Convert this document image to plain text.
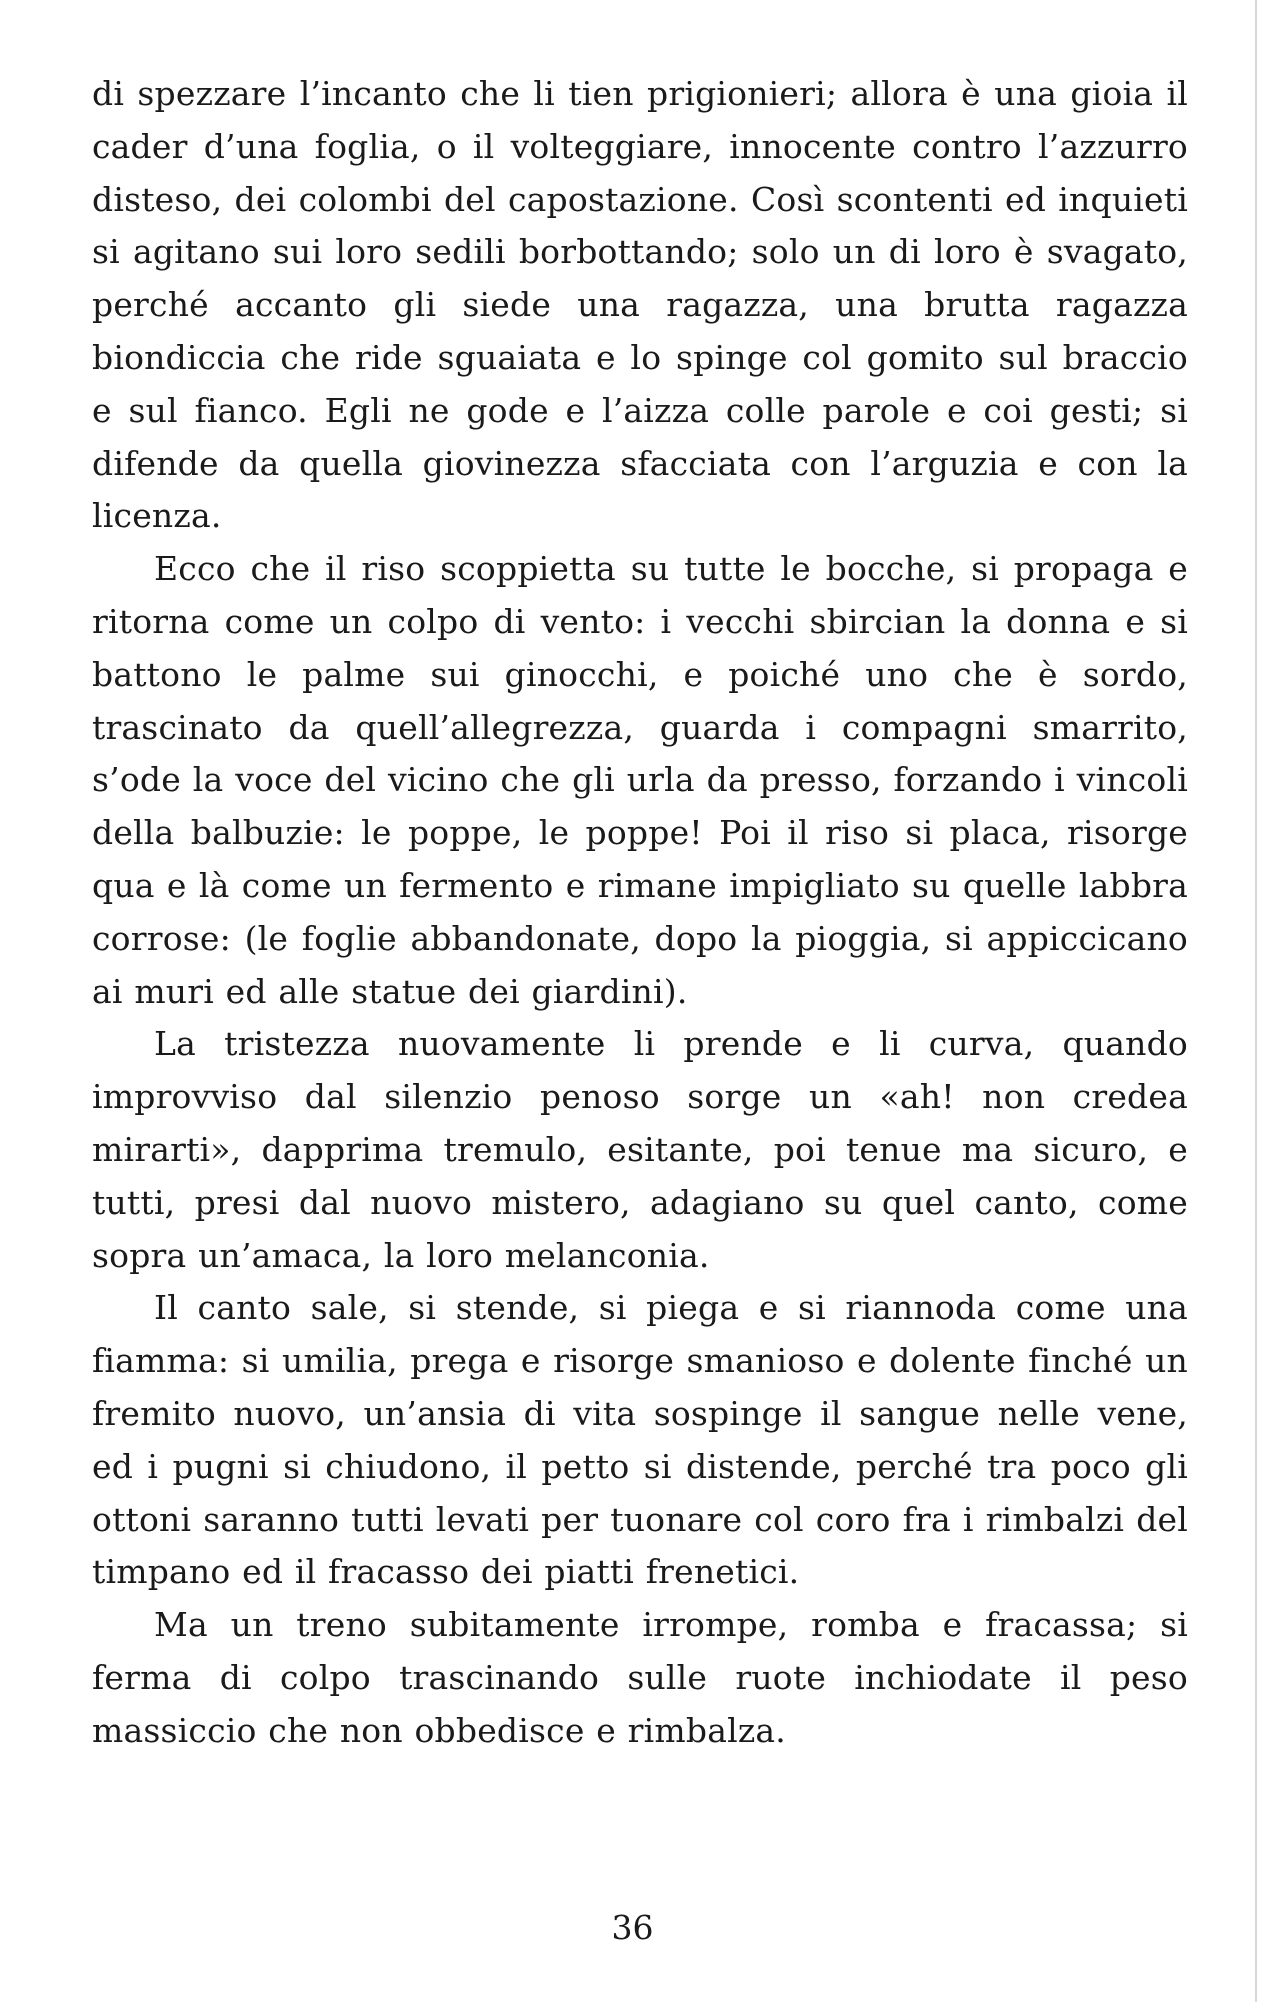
di spezzare l’incanto che li tien prigionieri; allora è una gioia il cader d’una foglia, o il volteggiare, innocente contro l’azzurro disteso, dei colombi del capostazione. Così scontenti ed inquieti si agitano sui loro sedili borbottando; solo un di loro è svagato, perché accanto gli siede una ragazza, una brutta ragazza biondiccia che ride sguaiata e lo spinge col gomito sul braccio e sul fianco. Egli ne gode e l’aizza colle parole e coi gesti; si difende da quella giovinezza sfacciata con l’arguzia e con la licenza.

Ecco che il riso scoppietta su tutte le bocche, si propaga e ritorna come un colpo di vento: i vecchi sbircian la donna e si battono le palme sui ginocchi, e poiché uno che è sordo, trascinato da quell’allegrezza, guarda i compagni smarrito, s’ode la voce del vicino che gli urla da presso, forzando i vincoli della balbuzie: le poppe, le poppe! Poi il riso si placa, risorge qua e là come un fermento e rimane impigliato su quelle labbra corrose: (le foglie abbandonate, dopo la pioggia, si appiccicano ai muri ed alle statue dei giardini).

La tristezza nuovamente li prende e li curva, quando improvviso dal silenzio penoso sorge un «ah! non credea mirarti», dapprima tremulo, esitante, poi tenue ma sicuro, e tutti, presi dal nuovo mistero, adagiano su quel canto, come sopra un’amaca, la loro melanconia.

Il canto sale, si stende, si piega e si riannoda come una fiamma: si umilia, prega e risorge smanioso e dolente finché un fremito nuovo, un’ansia di vita sospinge il sangue nelle vene, ed i pugni si chiudono, il petto si distende, perché tra poco gli ottoni saranno tutti levati per tuonare col coro fra i rimbalzi del timpano ed il fracasso dei piatti frenetici.

Ma un treno subitamente irrompe, romba e fracassa; si ferma di colpo trascinando sulle ruote inchiodate il peso massiccio che non obbedisce e rimbalza.

36
